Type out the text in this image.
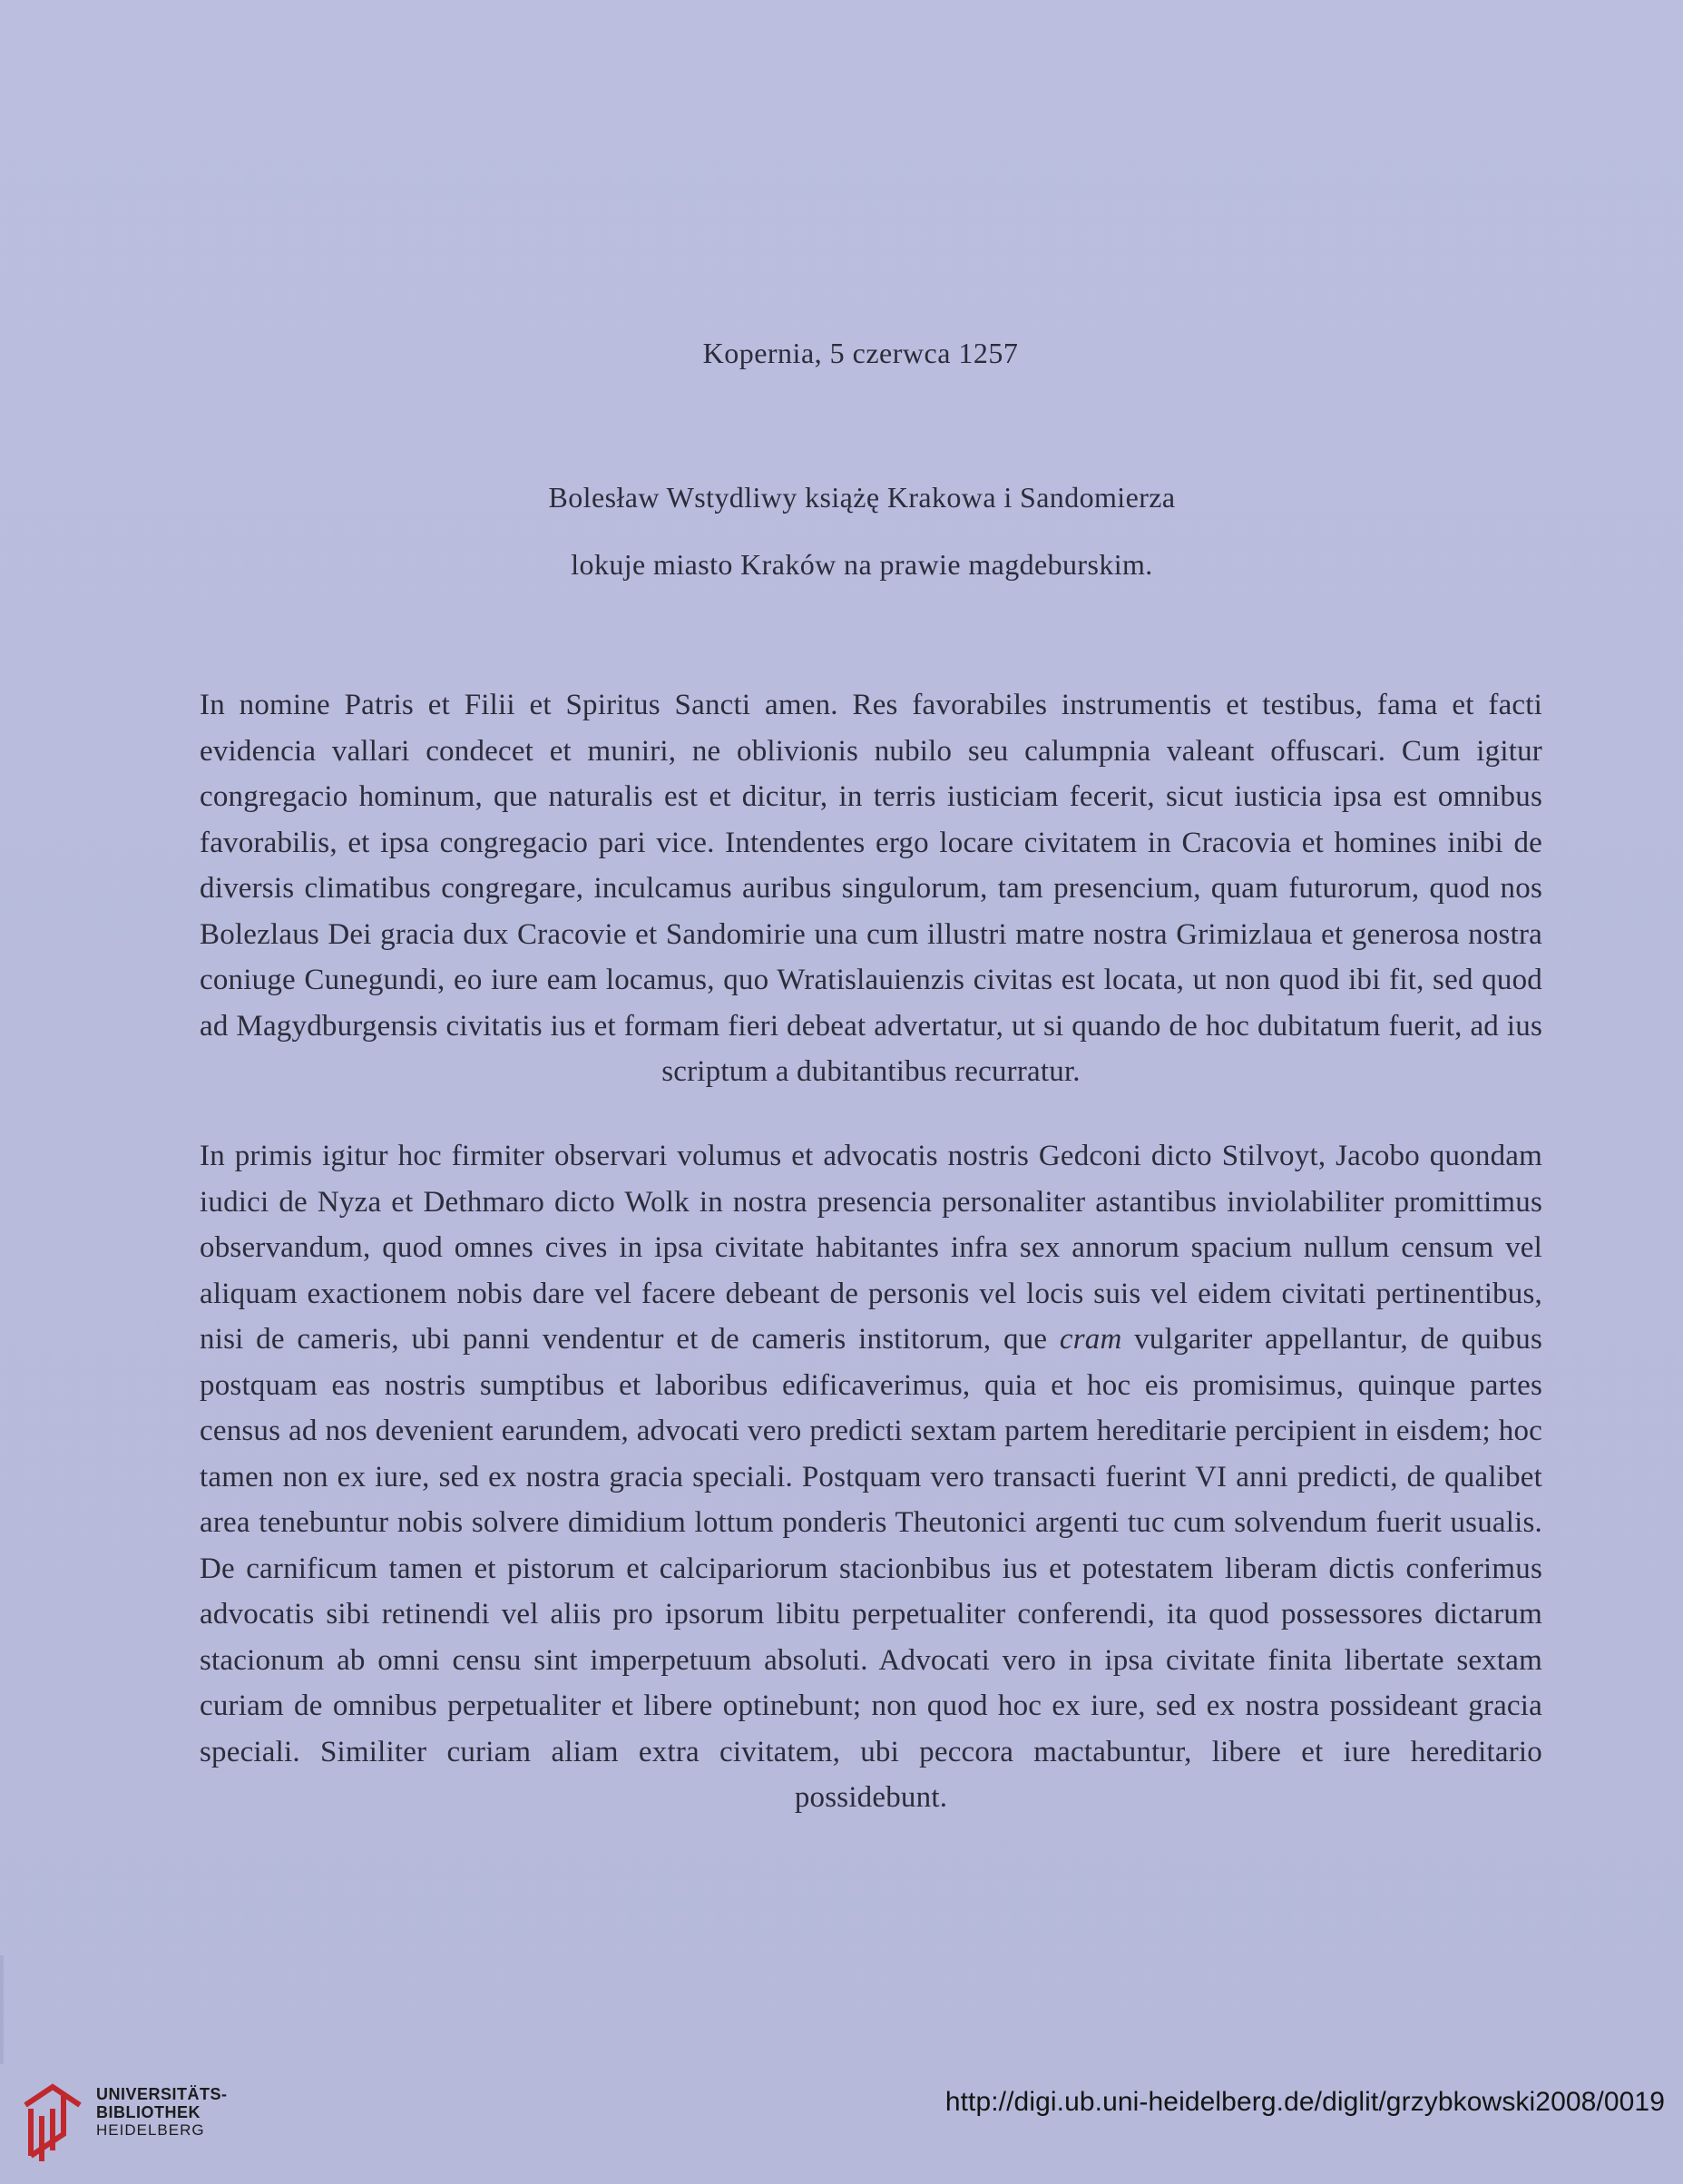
Kopernia, 5 czerwca 1257
Bolesław Wstydliwy książę Krakowa i Sandomierza
lokuje miasto Kraków na prawie magdeburskim.

In nomine Patris et Filii et Spiritus Sancti amen. Res favorabiles instrumentis et testibus, fama et facti evidencia vallari condecet et muniri, ne oblivionis nubilo seu calumpnia valeant offuscari. Cum igitur congregacio hominum, que naturalis est et dicitur, in terris iusticiam fecerit, sicut iusticia ipsa est omnibus favorabilis, et ipsa congregacio pari vice. Intendentes ergo locare civitatem in Cracovia et homines inibi de diversis climatibus congregare, inculcamus auribus singulorum, tam presencium, quam futurorum, quod nos Bolezlaus Dei gracia dux Cracovie et Sandomirie una cum illustri matre nostra Grimizlaua et generosa nostra coniuge Cunegundi, eo iure eam locamus, quo Wratislauienzis civitas est locata, ut non quod ibi fit, sed quod ad Magydburgensis civitatis ius et formam fieri debeat advertatur, ut si quando de hoc dubitatum fuerit, ad ius scriptum a dubitantibus recurratur.

In primis igitur hoc firmiter observari volumus et advocatis nostris Gedconi dicto Stilvoyt, Jacobo quondam iudici de Nyza et Dethmaro dicto Wolk in nostra presencia personaliter astantibus inviolabiliter promittimus observandum, quod omnes cives in ipsa civitate habitantes infra sex annorum spacium nullum censum vel aliquam exactionem nobis dare vel facere debeant de personis vel locis suis vel eidem civitati pertinentibus, nisi de cameris, ubi panni vendentur et de cameris institorum, que cram vulgariter appellantur, de quibus postquam eas nostris sumptibus et laboribus edificaverimus, quia et hoc eis promisimus, quinque partes census ad nos devenient earundem, advocati vero predicti sextam partem hereditarie percipient in eisdem; hoc tamen non ex iure, sed ex nostra gracia speciali. Postquam vero transacti fuerint VI anni predicti, de qualibet area tenebuntur nobis solvere dimidium lottum ponderis Theutonici argenti tuc cum solvendum fuerit usualis. De carnificum tamen et pistorum et calcipariorum stacionbibus ius et potestatem liberam dictis conferimus advocatis sibi retinendi vel aliis pro ipsorum libitu perpetualiter conferendi, ita quod possessores dictarum stacionum ab omni censu sint imperpetuum absoluti. Advocati vero in ipsa civitate finita libertate sextam curiam de omnibus perpetualiter et libere optinebunt; non quod hoc ex iure, sed ex nostra possideant gracia speciali. Similiter curiam aliam extra civitatem, ubi peccora mactabuntur, libere et iure hereditario possidebunt.

UNIVERSITÄTS-
BIBLIOTHEK
HEIDELBERG
http://digi.ub.uni-heidelberg.de/diglit/grzybkowski2008/0019
